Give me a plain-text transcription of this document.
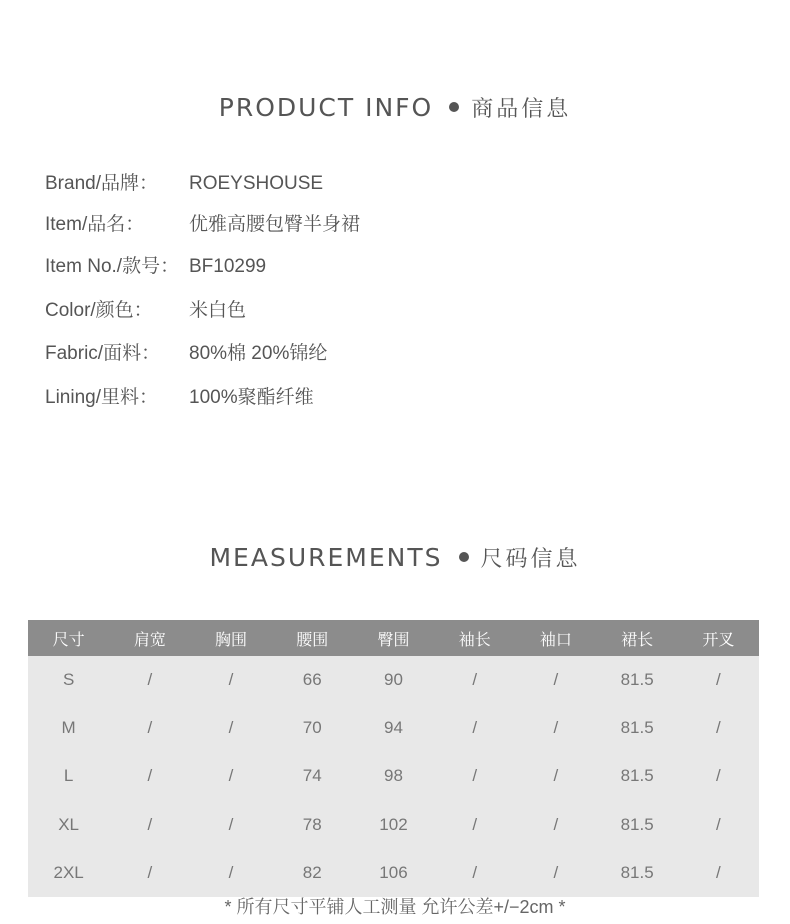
PRODUCT INFO 商品信息
Brand/品牌： ROEYSHOUSE
Item/品名： 优雅高腰包臀半身裙
Item No./款号： BF10299
Color/颜色： 米白色
Fabric/面料： 80%棉 20%锦纶
Lining/里料： 100%聚酯纤维
MEASUREMENTS 尺码信息
尺寸	肩宽	胸围	腰围	臀围	袖长	袖口	裙长	开叉
S	/	/	66	90	/	/	81.5	/
M	/	/	70	94	/	/	81.5	/
L	/	/	74	98	/	/	81.5	/
XL	/	/	78	102	/	/	81.5	/
2XL	/	/	82	106	/	/	81.5	/
* 所有尺寸平铺人工测量 允许公差+/−2cm *
